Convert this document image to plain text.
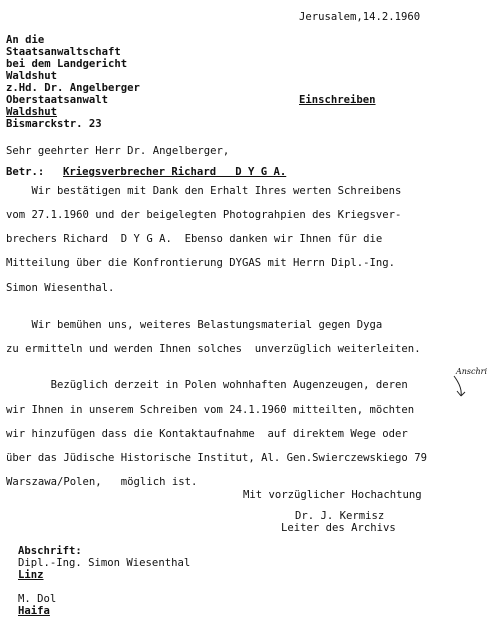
Jerusalem,14.2.1960
An die
Staatsanwaltschaft
bei dem Landgericht
Waldshut
z.Hd. Dr. Angelberger
Oberstaatsanwalt
Waldshut
Bismarckstr. 23
Einschreiben
Sehr geehrter Herr Dr. Angelberger,
Betr.: Kriegsverbrecher Richard   D Y G A.
Wir bestätigen mit Dank den Erhalt Ihres werten Schreibens
vom 27.1.1960 und der beigelegten Photograhpien des Kriegsver-
brechers Richard  D Y G A.  Ebenso danken wir Ihnen für die
Mitteilung über die Konfrontierung DYGAS mit Herrn Dipl.-Ing.
Simon Wiesenthal.
Wir bemühen uns, weiteres Belastungsmaterial gegen Dyga
zu ermitteln und werden Ihnen solches  unverzüglich weiterleiten.
Bezüglich derzeit in Polen wohnhaften Augenzeugen, deren
wir Ihnen in unserem Schreiben vom 24.1.1960 mitteilten, möchten
wir hinzufügen dass die Kontaktaufnahme  auf direktem Wege oder
über das Jüdische Historische Institut, Al. Gen.Swierczewskiego 79
Warszawa/Polen,   möglich ist.
Anschri
Mit vorzüglicher Hochachtung
Dr. J. Kermisz
Leiter des Archivs
Abschrift:
Dipl.-Ing. Simon Wiesenthal
Linz
M. Dol
Haifa
